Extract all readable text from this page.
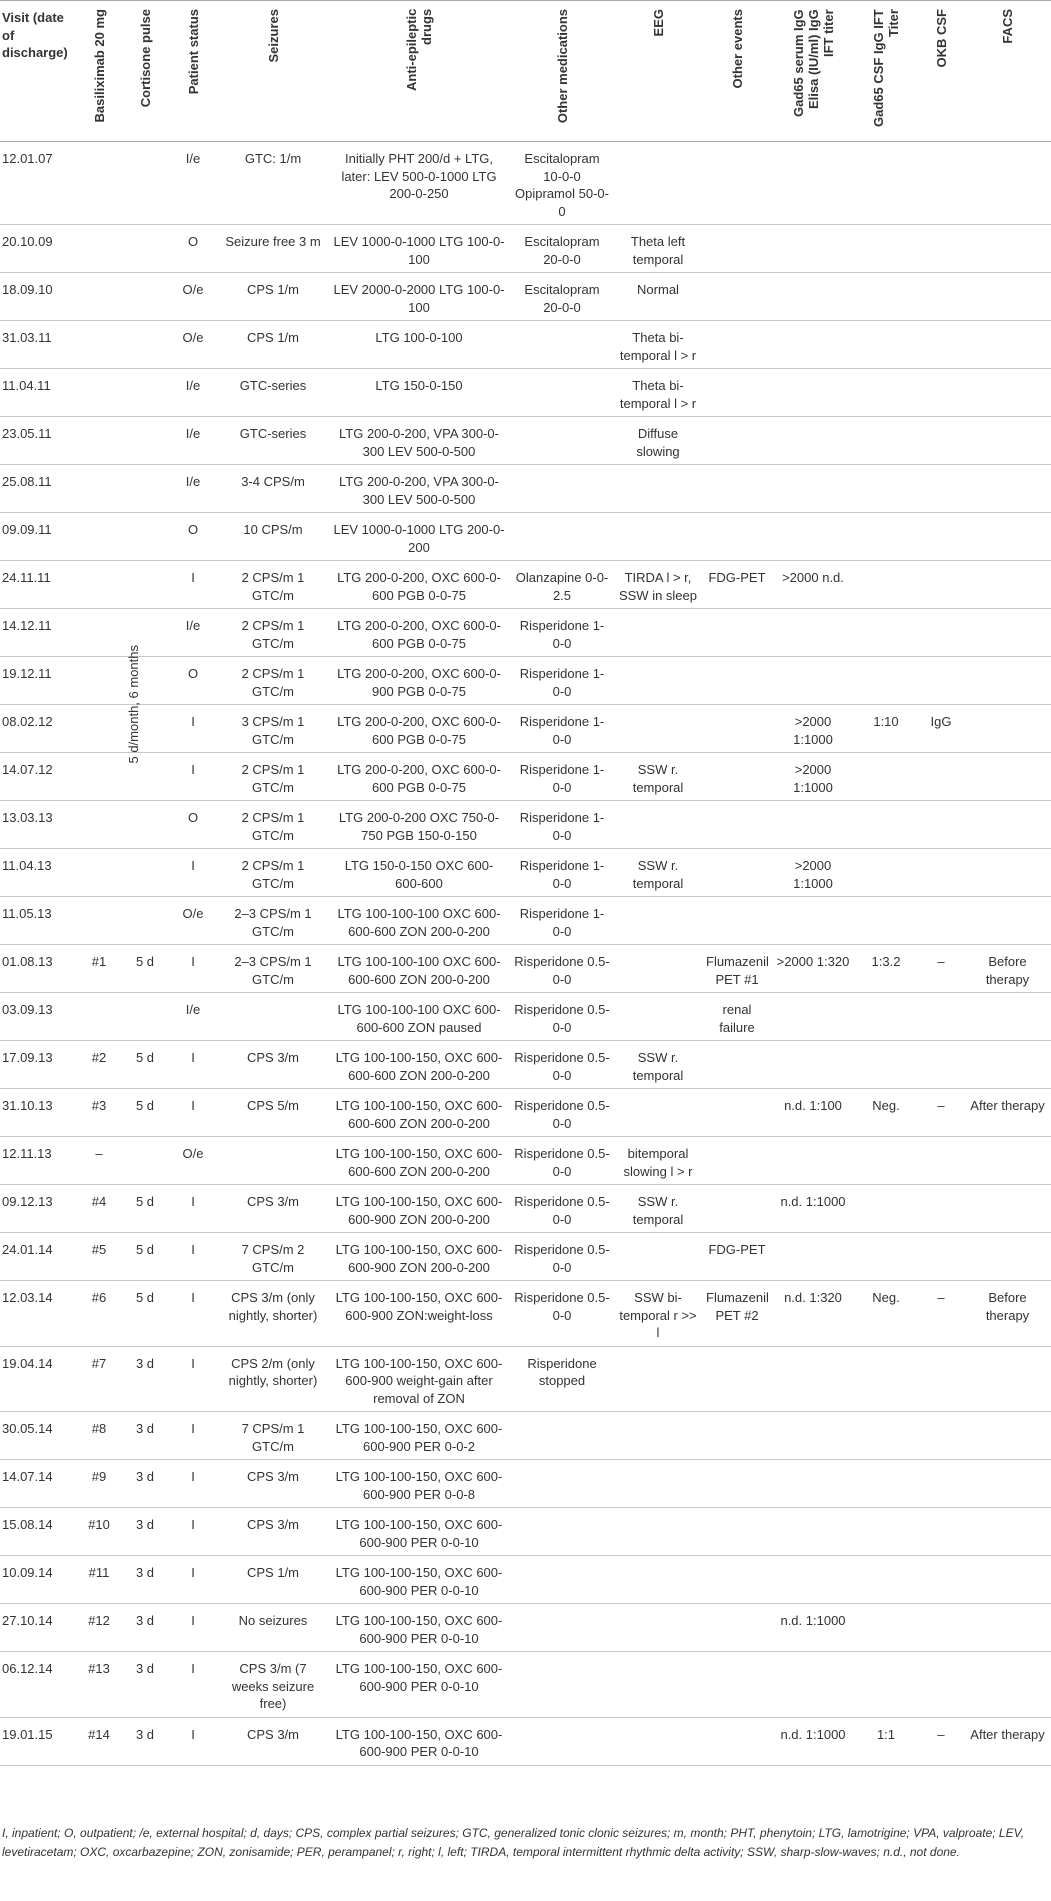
Visit (date of discharge)	Basiliximab 20 mg	Cortisone pulse	Patient status	Seizures	Anti-epileptic drugs	Other medications	EEG	Other events	Gad65 serum IgG Elisa (IU/ml) IgG IFT titer	Gad65 CSF IgG IFT Titer	OKB CSF	FACS

12.01.07			I/e	GTC: 1/m	Initially PHT 200/d + LTG, later: LEV 500-0-1000 LTG 200-0-250	Escitalopram 10-0-0 Opipramol 50-0-0						
20.10.09			O	Seizure free 3 m	LEV 1000-0-1000 LTG 100-0-100	Escitalopram 20-0-0	Theta left temporal					
18.09.10			O/e	CPS 1/m	LEV 2000-0-2000 LTG 100-0-100	Escitalopram 20-0-0	Normal					
31.03.11			O/e	CPS 1/m	LTG 100-0-100		Theta bi-temporal l > r					
11.04.11			I/e	GTC-series	LTG 150-0-150		Theta bi-temporal l > r					
23.05.11			I/e	GTC-series	LTG 200-0-200, VPA 300-0-300 LEV 500-0-500		Diffuse slowing					
25.08.11			I/e	3-4 CPS/m	LTG 200-0-200, VPA 300-0-300 LEV 500-0-500							
09.09.11			O	10 CPS/m	LEV 1000-0-1000 LTG 200-0-200							
24.11.11			I	2 CPS/m 1 GTC/m	LTG 200-0-200, OXC 600-0-600 PGB 0-0-75	Olanzapine 0-0-2.5	TIRDA l > r, SSW in sleep	FDG-PET	>2000 n.d.			
14.12.11			I/e	2 CPS/m 1 GTC/m	LTG 200-0-200, OXC 600-0-600 PGB 0-0-75	Risperidone 1-0-0						
19.12.11			O	2 CPS/m 1 GTC/m	LTG 200-0-200, OXC 600-0-900 PGB 0-0-75	Risperidone 1-0-0						
08.02.12			I	3 CPS/m 1 GTC/m	LTG 200-0-200, OXC 600-0-600 PGB 0-0-75	Risperidone 1-0-0			>2000 1:1000	1:10	IgG	
14.07.12			I	2 CPS/m 1 GTC/m	LTG 200-0-200, OXC 600-0-600 PGB 0-0-75	Risperidone 1-0-0	SSW r. temporal		>2000 1:1000			
13.03.13			O	2 CPS/m 1 GTC/m	LTG 200-0-200 OXC 750-0-750 PGB 150-0-150	Risperidone 1-0-0						
11.04.13			I	2 CPS/m 1 GTC/m	LTG 150-0-150 OXC 600-600-600	Risperidone 1-0-0	SSW r. temporal		>2000 1:1000			
11.05.13			O/e	2–3 CPS/m 1 GTC/m	LTG 100-100-100 OXC 600-600-600 ZON 200-0-200	Risperidone 1-0-0						
01.08.13	#1	5 d	I	2–3 CPS/m 1 GTC/m	LTG 100-100-100 OXC 600-600-600 ZON 200-0-200	Risperidone 0.5-0-0		Flumazenil PET #1	>2000 1:320	1:3.2	–	Before therapy
03.09.13			I/e		LTG 100-100-100 OXC 600-600-600 ZON paused	Risperidone 0.5-0-0		renal failure				
17.09.13	#2	5 d	I	CPS 3/m	LTG 100-100-150, OXC 600-600-600 ZON 200-0-200	Risperidone 0.5-0-0	SSW r. temporal					
31.10.13	#3	5 d	I	CPS 5/m	LTG 100-100-150, OXC 600-600-600 ZON 200-0-200	Risperidone 0.5-0-0			n.d. 1:100	Neg.	–	After therapy
12.11.13	–		O/e		LTG 100-100-150, OXC 600-600-600 ZON 200-0-200	Risperidone 0.5-0-0	bitemporal slowing l > r					
09.12.13	#4	5 d	I	CPS 3/m	LTG 100-100-150, OXC 600-600-900 ZON 200-0-200	Risperidone 0.5-0-0	SSW r. temporal		n.d. 1:1000			
24.01.14	#5	5 d	I	7 CPS/m 2 GTC/m	LTG 100-100-150, OXC 600-600-900 ZON 200-0-200	Risperidone 0.5-0-0		FDG-PET				
12.03.14	#6	5 d	I	CPS 3/m (only nightly, shorter)	LTG 100-100-150, OXC 600-600-900 ZON:weight-loss	Risperidone 0.5-0-0	SSW bi-temporal r >> l	Flumazenil PET #2	n.d. 1:320	Neg.	–	Before therapy
19.04.14	#7	3 d	I	CPS 2/m (only nightly, shorter)	LTG 100-100-150, OXC 600-600-900 weight-gain after removal of ZON	Risperidone stopped						
30.05.14	#8	3 d	I	7 CPS/m 1 GTC/m	LTG 100-100-150, OXC 600-600-900 PER 0-0-2							
14.07.14	#9	3 d	I	CPS 3/m	LTG 100-100-150, OXC 600-600-900 PER 0-0-8							
15.08.14	#10	3 d	I	CPS 3/m	LTG 100-100-150, OXC 600-600-900 PER 0-0-10							
10.09.14	#11	3 d	I	CPS 1/m	LTG 100-100-150, OXC 600-600-900 PER 0-0-10							
27.10.14	#12	3 d	I	No seizures	LTG 100-100-150, OXC 600-600-900 PER 0-0-10				n.d. 1:1000			
06.12.14	#13	3 d	I	CPS 3/m (7 weeks seizure free)	LTG 100-100-150, OXC 600-600-900 PER 0-0-10							
19.01.15	#14	3 d	I	CPS 3/m	LTG 100-100-150, OXC 600-600-900 PER 0-0-10				n.d. 1:1000	1:1	–	After therapy
5 d/month, 6 months
I, inpatient; O, outpatient; /e, external hospital; d, days; CPS, complex partial seizures; GTC, generalized tonic clonic seizures; m, month; PHT, phenytoin; LTG, lamotrigine; VPA, valproate; LEV, levetiracetam; OXC, oxcarbazepine; ZON, zonisamide; PER, perampanel; r, right; l, left; TIRDA, temporal intermittent rhythmic delta activity; SSW, sharp-slow-waves; n.d., not done.
